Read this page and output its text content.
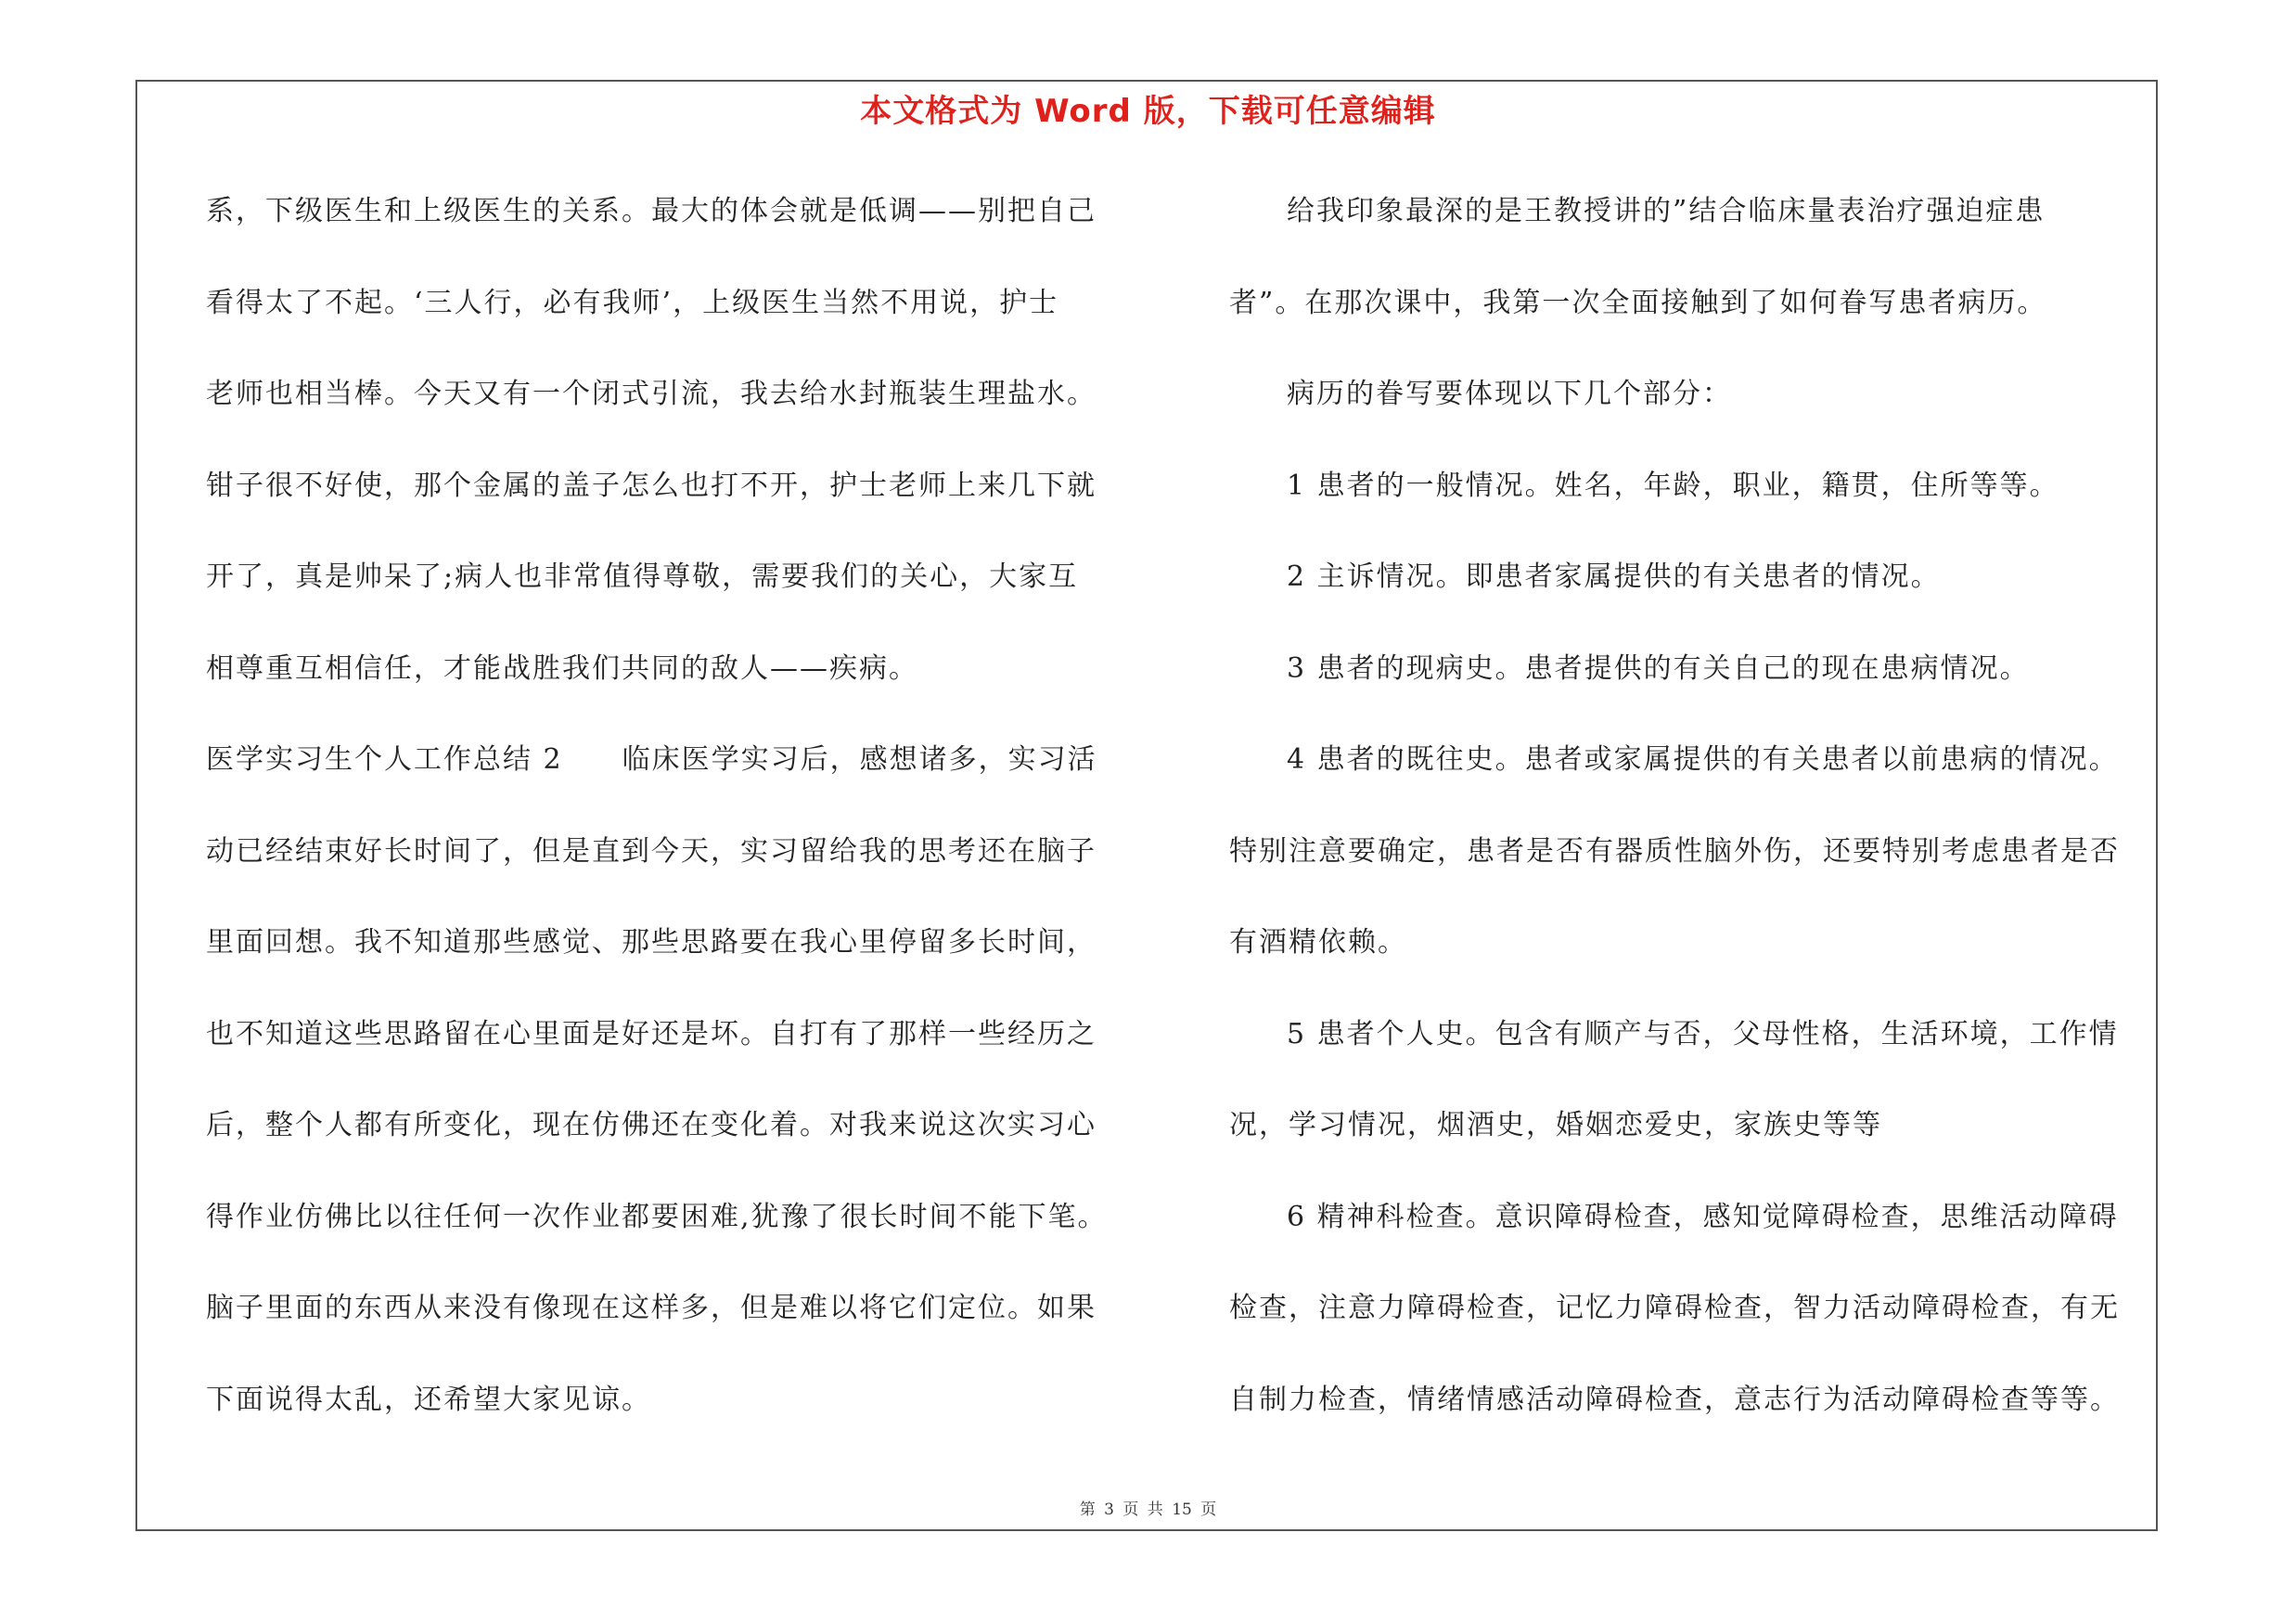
本文格式为 Word 版，下载可任意编辑
系，下级医生和上级医生的关系。最大的体会就是低调——别把自己
看得太了不起。‘三人行，必有我师’，上级医生当然不用说，护士
老师也相当棒。今天又有一个闭式引流，我去给水封瓶装生理盐水。
钳子很不好使，那个金属的盖子怎么也打不开，护士老师上来几下就
开了，真是帅呆了;病人也非常值得尊敬，需要我们的关心，大家互
相尊重互相信任，才能战胜我们共同的敌人——疾病。
医学实习生个人工作总结 2　　临床医学实习后，感想诸多，实习活
动已经结束好长时间了，但是直到今天，实习留给我的思考还在脑子
里面回想。我不知道那些感觉、那些思路要在我心里停留多长时间，
也不知道这些思路留在心里面是好还是坏。自打有了那样一些经历之
后，整个人都有所变化，现在仿佛还在变化着。对我来说这次实习心
得作业仿佛比以往任何一次作业都要困难,犹豫了很长时间不能下笔。
脑子里面的东西从来没有像现在这样多，但是难以将它们定位。如果
下面说得太乱，还希望大家见谅。
给我印象最深的是王教授讲的”结合临床量表治疗强迫症患
者”。在那次课中，我第一次全面接触到了如何眷写患者病历。
病历的眷写要体现以下几个部分：
1 患者的一般情况。姓名，年龄，职业，籍贯，住所等等。
2 主诉情况。即患者家属提供的有关患者的情况。
3 患者的现病史。患者提供的有关自己的现在患病情况。
4 患者的既往史。患者或家属提供的有关患者以前患病的情况。
特别注意要确定，患者是否有器质性脑外伤，还要特别考虑患者是否
有酒精依赖。
5 患者个人史。包含有顺产与否，父母性格，生活环境，工作情
况，学习情况，烟酒史，婚姻恋爱史，家族史等等
6 精神科检查。意识障碍检查，感知觉障碍检查，思维活动障碍
检查，注意力障碍检查，记忆力障碍检查，智力活动障碍检查，有无
自制力检查，情绪情感活动障碍检查，意志行为活动障碍检查等等。
第 3 页 共 15 页
